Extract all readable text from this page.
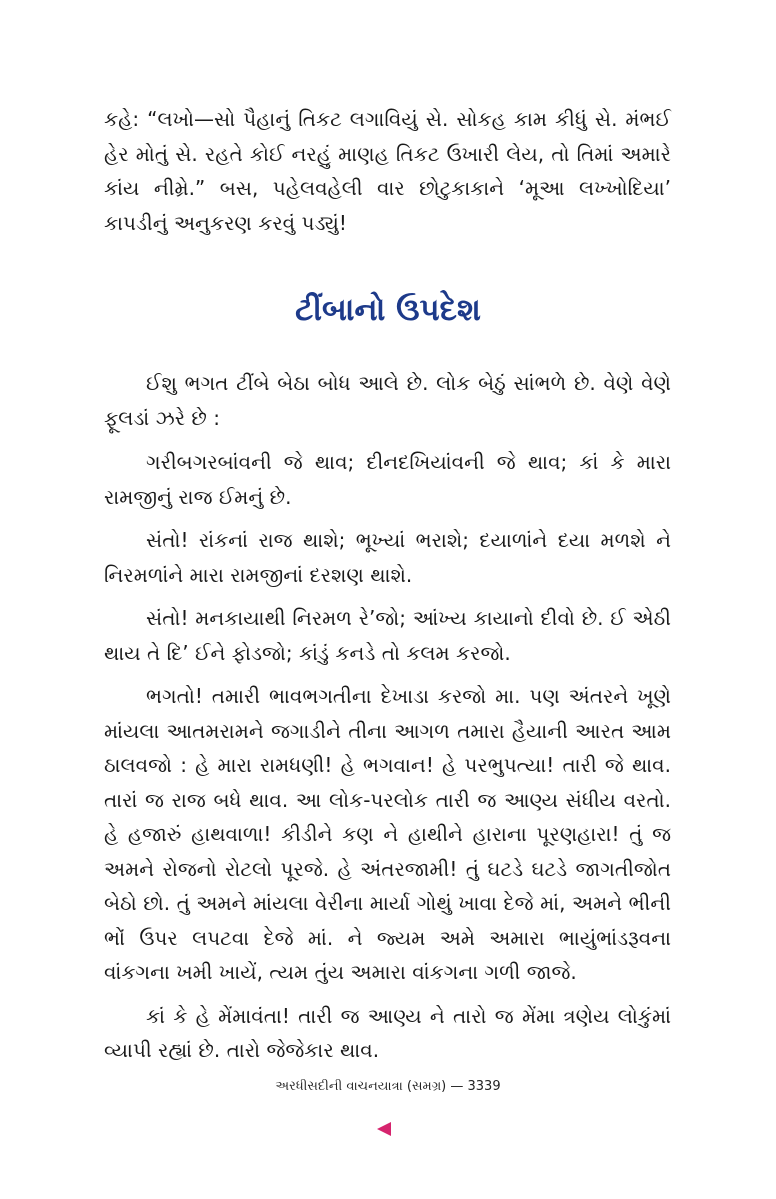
કહે: “લખો—સો પૈહાનું તિકટ લગાવિયું સે. સોકહ કામ કીધું સે. મંભઈ હેર મોતું સે. રહતે કોઈ નરહું માણહ તિકટ ઉખારી લેય, તો તિમાં અમારે કાંય નીમ્રે.” બસ, પહેલવહેલી વાર છોટુકાકાને ‘મૂઆ લખ્ખોદિયા’ કાપડીનું અનુકરણ કરવું પડ્યું!

ટીંબાનો ઉપદેશ

ઈશુ ભગત ટીંબે બેઠા બોધ આલે છે. લોક બેઠું સાંભળે છે. વેણે વેણે ફૂલડાં ઝરે છે :

ગરીબગરબાંવની જે થાવ; દીનદખિયાંવની જે થાવ; કાં કે મારા રામજીનું રાજ ઈમનું છે.

સંતો! રાંકનાં રાજ થાશે; ભૂખ્યાં ભરાશે; દયાળાંને દયા મળશે ને નિરમળાંને મારા રામજીનાં દરશણ થાશે.

સંતો! મનકાયાથી નિરમળ રે’જો; આંખ્ય કાયાનો દીવો છે. ઈ એઠી થાય તે દિ’ ઈને ફોડજો; કાંડું કનડે તો કલમ કરજો.

ભગતો! તમારી ભાવભગતીના દેખાડા કરજો મા. પણ અંતરને ખૂણે માંયલા આતમરામને જગાડીને તીના આગળ તમારા હૈયાની આરત આમ ઠાલવજો : હે મારા રામધણી! હે ભગવાન! હે પરભુપત્યા! તારી જે થાવ. તારાં જ રાજ બધે થાવ. આ લોક-પરલોક તારી જ આણ્ય સંધીય વરતો. હે હજારું હાથવાળા! કીડીને કણ ને હાથીને હારાના પૂરણહારા! તું જ અમને રોજનો રોટલો પૂરજે. હે અંતરજામી! તું ઘટડે ઘટડે જાગતીજોત બેઠો છો. તું અમને માંયલા વેરીના માર્યા ગોથું ખાવા દેજે માં, અમને ભીની ભોં ઉપર લપટવા દેજે માં. ને જ્યમ અમે અમારા ભાયુંભાંડરૂવના વાંકગના ખમી ખાયેં, ત્યમ તુંય અમારા વાંકગના ગળી જાજે.

કાં કે હે મેંમાવંતા! તારી જ આણ્ય ને તારો જ મેંમા ત્રણેય લોકુંમાં વ્યાપી રહ્યાં છે. તારો જેજેકાર થાવ.

અરધીસદીની વાચનયાત્રા (સમગ્ર) — 3339
